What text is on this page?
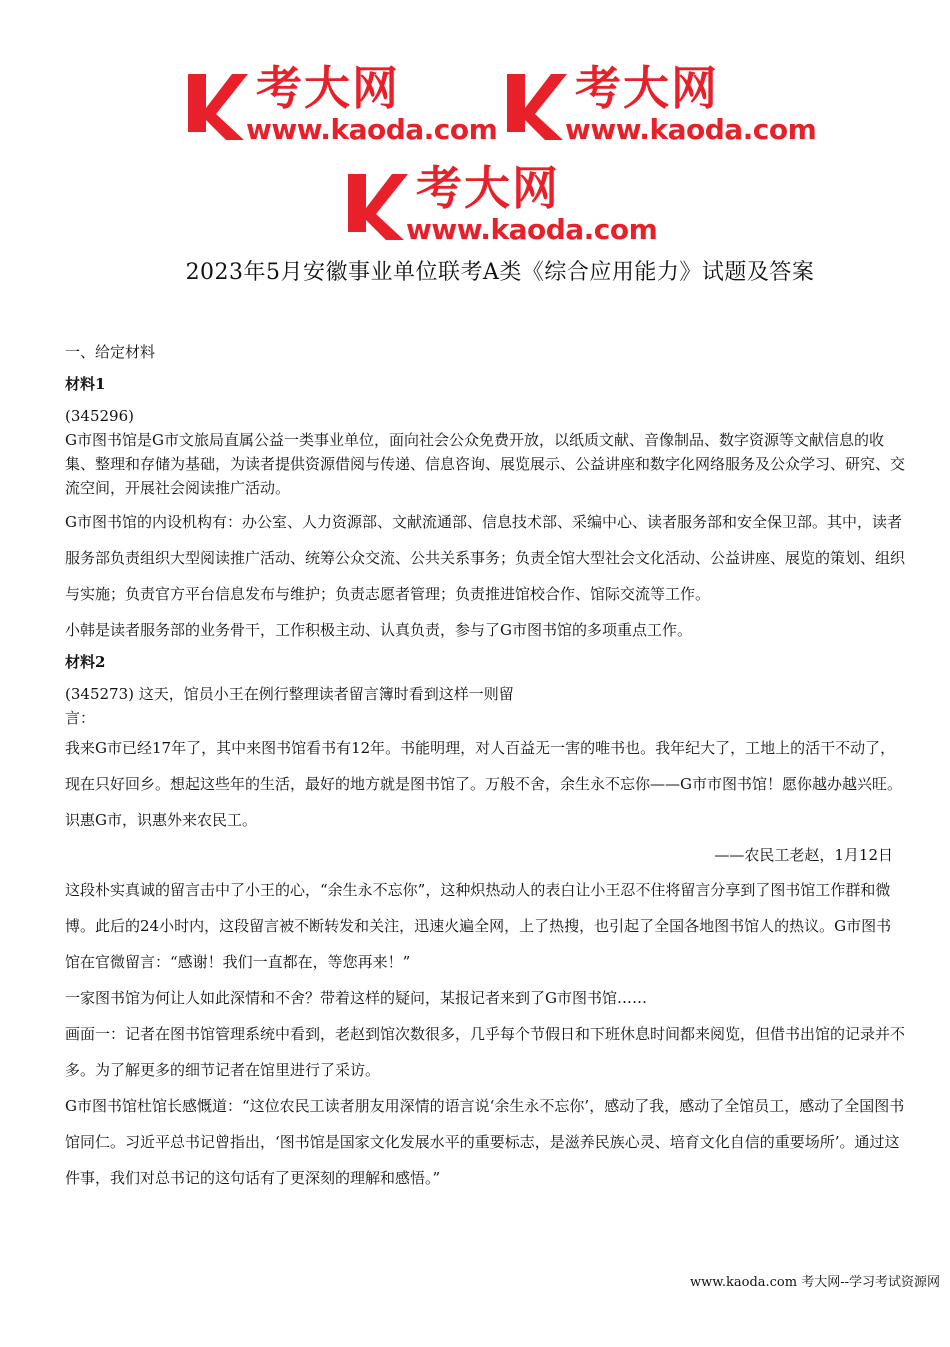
考大网
www.kaoda.com
考大网
www.kaoda.com
考大网
www.kaoda.com
2023年5月安徽事业单位联考A类《综合应用能力》试题及答案

一、给定材料

材料1

(345296)

G市图书馆是G市文旅局直属公益一类事业单位，面向社会公众免费开放，以纸质文献、音像制品、数字资源等文献信息的收集、整理和存储为基础，为读者提供资源借阅与传递、信息咨询、展览展示、公益讲座和数字化网络服务及公众学习、研究、交流空间，开展社会阅读推广活动。

G市图书馆的内设机构有：办公室、人力资源部、文献流通部、信息技术部、采编中心、读者服务部和安全保卫部。其中，读者服务部负责组织大型阅读推广活动、统筹公众交流、公共关系事务；负责全馆大型社会文化活动、公益讲座、展览的策划、组织与实施；负责官方平台信息发布与维护；负责志愿者管理；负责推进馆校合作、馆际交流等工作。

小韩是读者服务部的业务骨干，工作积极主动、认真负责，参与了G市图书馆的多项重点工作。

材料2

(345273) 这天，馆员小王在例行整理读者留言簿时看到这样一则留言：

我来G市已经17年了，其中来图书馆看书有12年。书能明理，对人百益无一害的唯书也。我年纪大了，工地上的活干不动了，现在只好回乡。想起这些年的生活，最好的地方就是图书馆了。万般不舍，余生永不忘你——G市市图书馆！愿你越办越兴旺。识惠G市，识惠外来农民工。

——农民工老赵，1月12日

这段朴实真诚的留言击中了小王的心，“余生永不忘你”，这种炽热动人的表白让小王忍不住将留言分享到了图书馆工作群和微博。此后的24小时内，这段留言被不断转发和关注，迅速火遍全网，上了热搜，也引起了全国各地图书馆人的热议。G市图书馆在官微留言：“感谢！我们一直都在，等您再来！”

一家图书馆为何让人如此深情和不舍？带着这样的疑问，某报记者来到了G市图书馆……

画面一：记者在图书馆管理系统中看到，老赵到馆次数很多，几乎每个节假日和下班休息时间都来阅览，但借书出馆的记录并不多。为了解更多的细节记者在馆里进行了采访。

G市图书馆杜馆长感慨道：“这位农民工读者朋友用深情的语言说‘余生永不忘你’，感动了我，感动了全馆员工，感动了全国图书馆同仁。习近平总书记曾指出，‘图书馆是国家文化发展水平的重要标志，是滋养民族心灵、培育文化自信的重要场所’。通过这件事，我们对总书记的这句话有了更深刻的理解和感悟。”

www.kaoda.com 考大网--学习考试资源网
